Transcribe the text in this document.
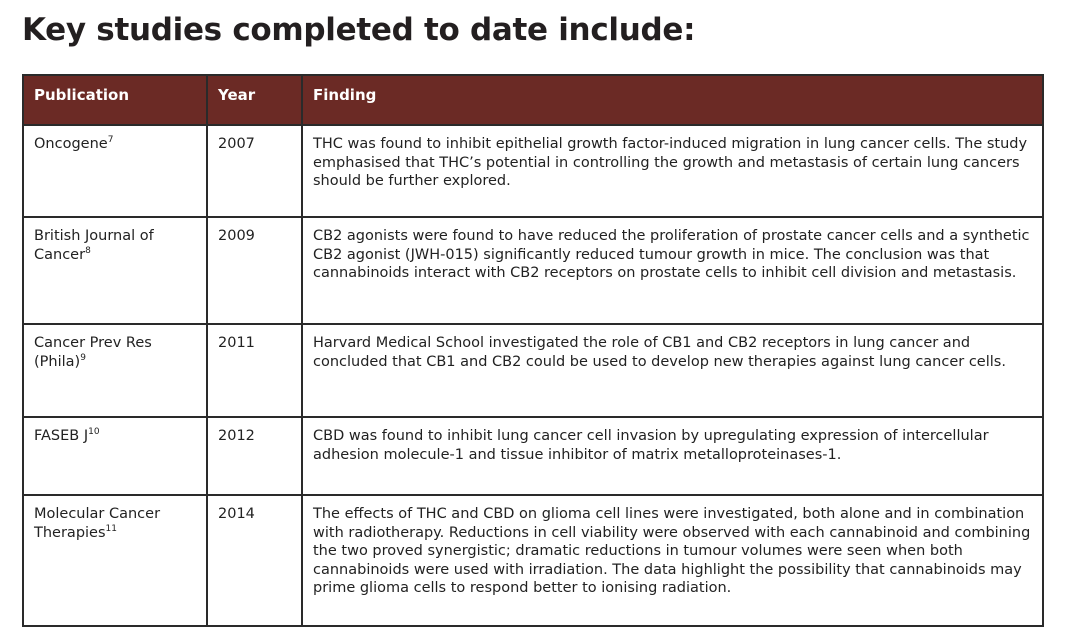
Key studies completed to date include:
Publication	Year	Finding
Oncogene$^7$	2007	THC was found to inhibit epithelial growth factor-induced migration in lung cancer cells. The study emphasised that THC’s potential in controlling the growth and metastasis of certain lung cancers should be further explored.
British Journal of Cancer$^8$	2009	CB2 agonists were found to have reduced the proliferation of prostate cancer cells and a synthetic CB2 agonist (JWH-015) significantly reduced tumour growth in mice. The conclusion was that cannabinoids interact with CB2 receptors on prostate cells to inhibit cell division and metastasis.
Cancer Prev Res (Phila)$^9$	2011	Harvard Medical School investigated the role of CB1 and CB2 receptors in lung cancer and concluded that CB1 and CB2 could be used to develop new therapies against lung cancer cells.
FASEB $J^{10}$	2012	CBD was found to inhibit lung cancer cell invasion by upregulating expression of intercellular adhesion molecule-1 and tissue inhibitor of matrix metalloproteinases-1.
Molecular Cancer Therapies$^{11}$	2014	The effects of THC and CBD on glioma cell lines were investigated, both alone and in combination with radiotherapy. Reductions in cell viability were observed with each cannabinoid and combining the two proved synergistic; dramatic reductions in tumour volumes were seen when both cannabinoids were used with irradiation. The data highlight the possibility that cannabinoids may prime glioma cells to respond better to ionising radiation.
